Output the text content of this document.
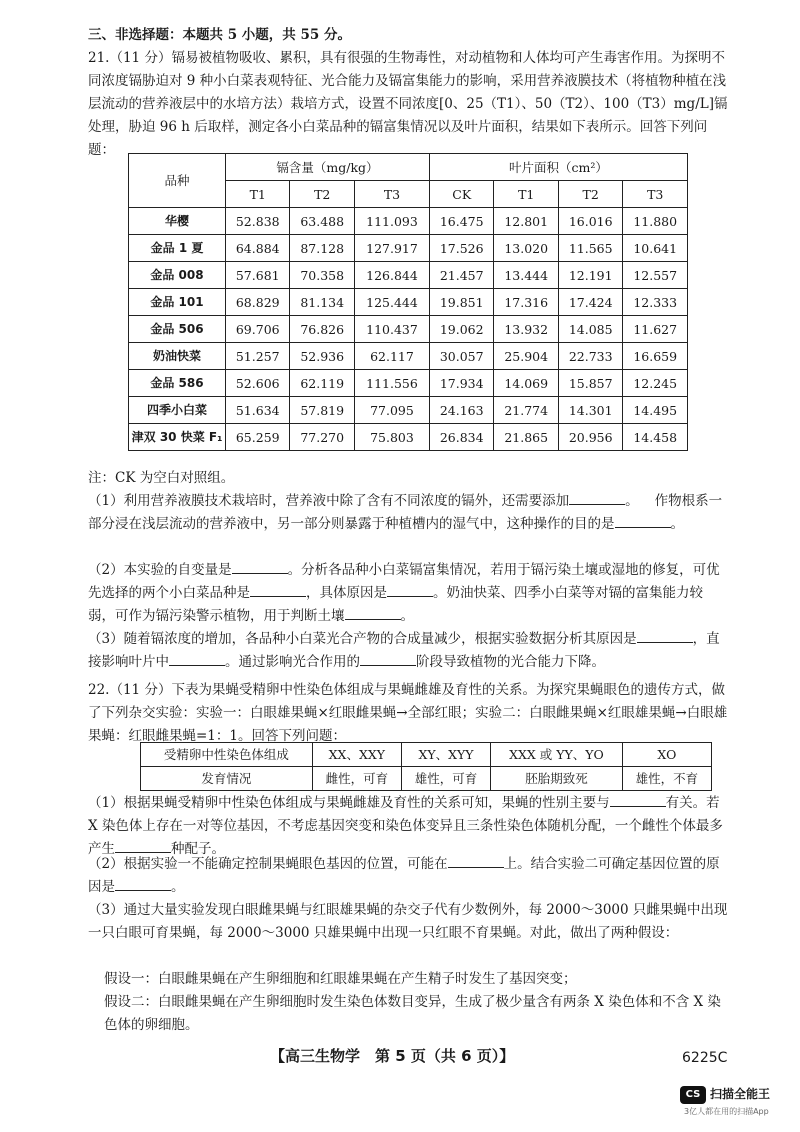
三、非选择题：本题共 5 小题，共 55 分。

21.（11 分）镉易被植物吸收、累积，具有很强的生物毒性，对动植物和人体均可产生毒害作用。为探明不同浓度镉胁迫对 9 种小白菜表观特征、光合能力及镉富集能力的影响，采用营养液膜技术（将植物种植在浅层流动的营养液层中的水培方法）栽培方式，设置不同浓度[0、25（T1）、50（T2）、100（T3）mg/L]镉处理，胁迫 96 h 后取样，测定各小白菜品种的镉富集情况以及叶片面积，结果如下表所示。回答下列问题：

品种	镉含量（mg/kg）			叶片面积（cm²）			
	T1	T2	T3	CK	T1	T2	T3
华樱	52.838	63.488	111.093	16.475	12.801	16.016	11.880
金品 1 夏	64.884	87.128	127.917	17.526	13.020	11.565	10.641
金品 008	57.681	70.358	126.844	21.457	13.444	12.191	12.557
金品 101	68.829	81.134	125.444	19.851	17.316	17.424	12.333
金品 506	69.706	76.826	110.437	19.062	13.932	14.085	11.627
奶油快菜	51.257	52.936	62.117	30.057	25.904	22.733	16.659
金品 586	52.606	62.119	111.556	17.934	14.069	15.857	12.245
四季小白菜	51.634	57.819	77.095	24.163	21.774	14.301	14.495
津双 30 快菜 F₁	65.259	77.270	75.803	26.834	21.865	20.956	14.458

注：CK 为空白对照组。

（1）利用营养液膜技术栽培时，营养液中除了含有不同浓度的镉外，还需要添加	。 作物根系一部分浸在浅层流动的营养液中，另一部分则暴露于种植槽内的湿气中，这种操作的目的是	。

（2）本实验的自变量是	。分析各品种小白菜镉富集情况，若用于镉污染土壤或湿地的修复，可优先选择的两个小白菜品种是	，具体原因是	。奶油快菜、四季小白菜等对镉的富集能力较弱，可作为镉污染警示植物，用于判断土壤	。

（3）随着镉浓度的增加，各品种小白菜光合产物的合成量减少，根据实验数据分析其原因是	，直接影响叶片中	。通过影响光合作用的	阶段导致植物的光合能力下降。

22.（11 分）下表为果蝇受精卵中性染色体组成与果蝇雌雄及育性的关系。为探究果蝇眼色的遗传方式，做了下列杂交实验：实验一：白眼雄果蝇×红眼雌果蝇→全部红眼；实验二：白眼雌果蝇×红眼雄果蝇→白眼雄果蝇：红眼雌果蝇=1：1。回答下列问题：

受精卵中性染色体组成	XX、XXY	XY、XYY	XXX 或 YY、YO	XO
发育情况	雌性，可育	雄性，可育	胚胎期致死	雄性，不育

（1）根据果蝇受精卵中性染色体组成与果蝇雌雄及育性的关系可知，果蝇的性别主要与	有关。若 X 染色体上存在一对等位基因，不考虑基因突变和染色体变异且三条性染色体随机分配，一个雌性个体最多产生	种配子。

（2）根据实验一不能确定控制果蝇眼色基因的位置，可能在	上。结合实验二可确定基因位置的原因是	。

（3）通过大量实验发现白眼雌果蝇与红眼雄果蝇的杂交子代有少数例外，每 2000～3000 只雌果蝇中出现一只白眼可育果蝇，每 2000～3000 只雄果蝇中出现一只红眼不育果蝇。对此，做出了两种假设：

假设一：白眼雌果蝇在产生卵细胞和红眼雄果蝇在产生精子时发生了基因突变；

假设二：白眼雌果蝇在产生卵细胞时发生染色体数目变异，生成了极少量含有两条 X 染色体和不含 X 染色体的卵细胞。

【高三生物学　第 5 页（共 6 页）】	6225C
CS 扫描全能王
3亿人都在用的扫描App
